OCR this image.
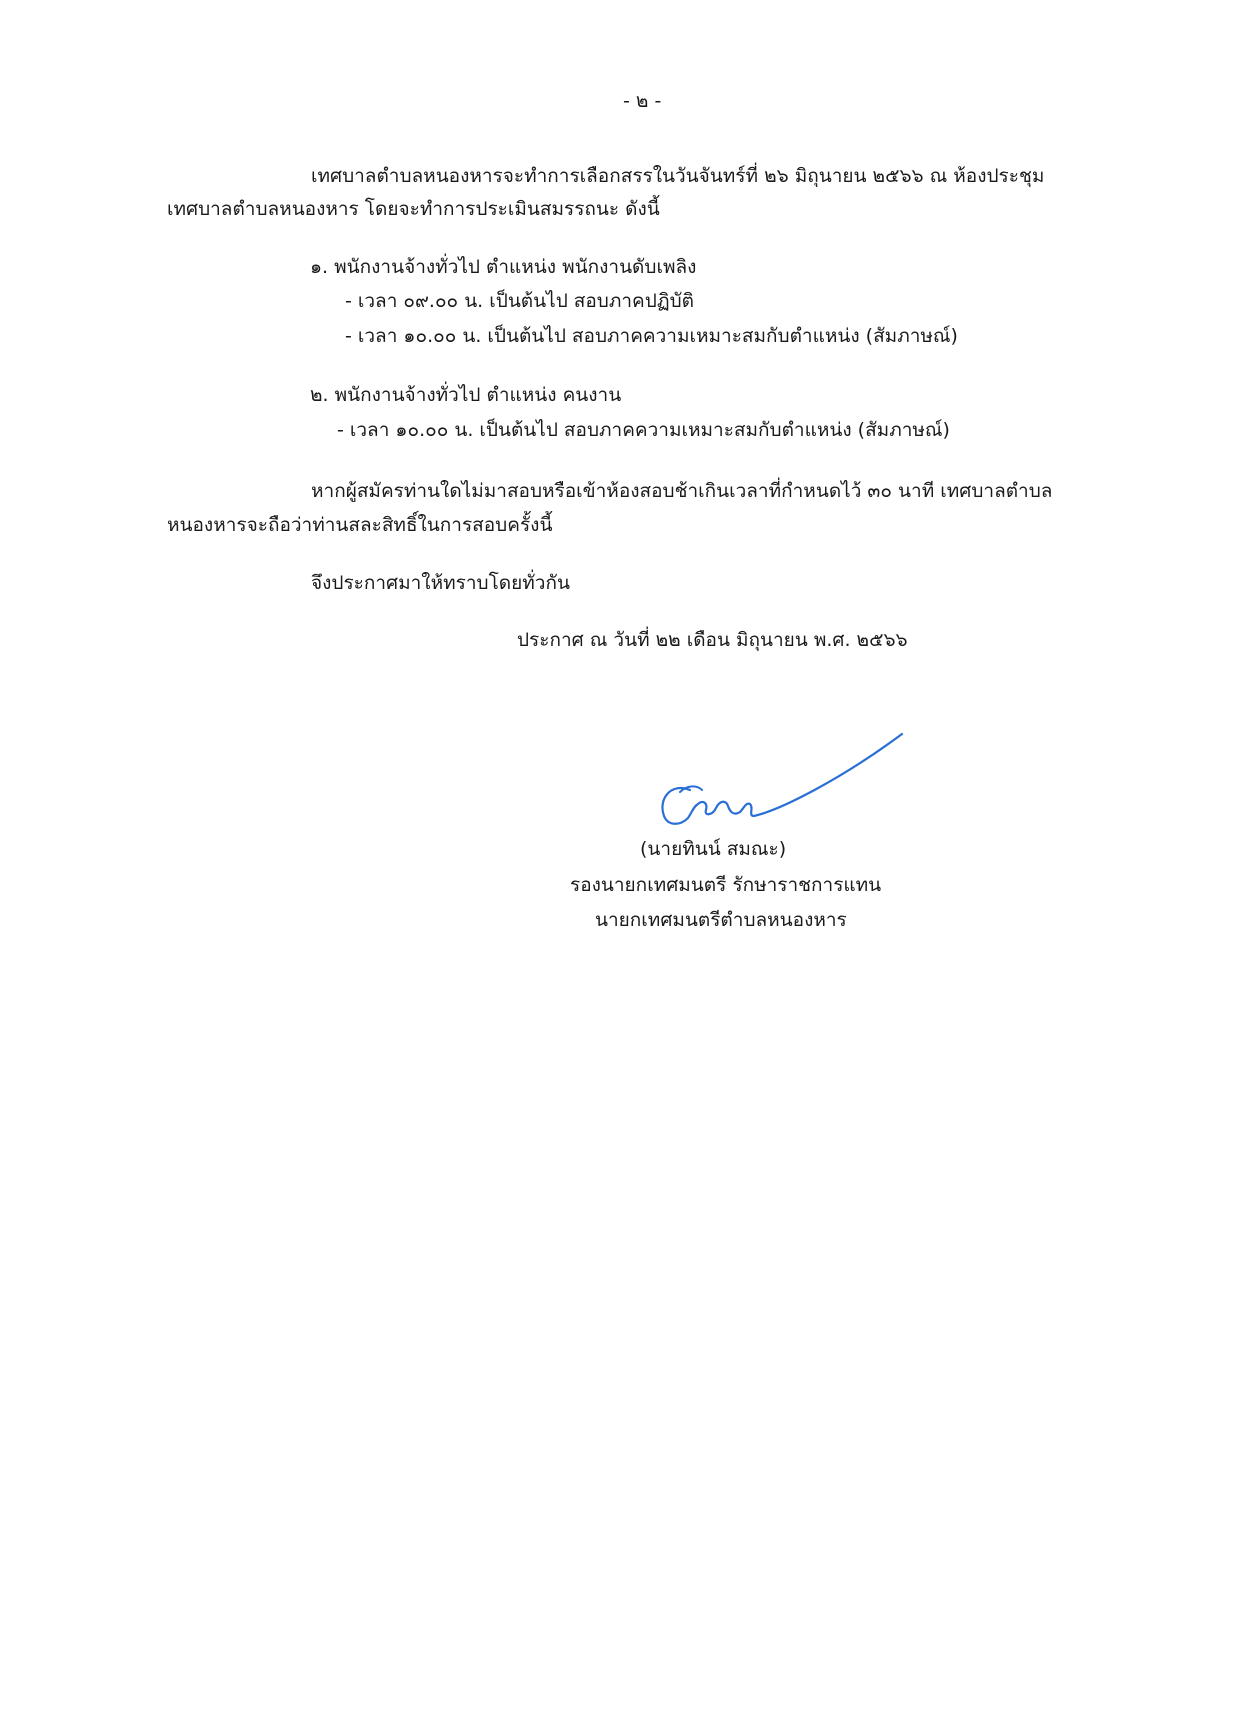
- ๒ -
เทศบาลตำบลหนองหารจะทำการเลือกสรรในวันจันทร์ที่ ๒๖ มิถุนายน ๒๕๖๖ ณ ห้องประชุม
เทศบาลตำบลหนองหาร โดยจะทำการประเมินสมรรถนะ ดังนี้
๑. พนักงานจ้างทั่วไป ตำแหน่ง พนักงานดับเพลิง
- เวลา ๐๙.๐๐ น. เป็นต้นไป สอบภาคปฏิบัติ
- เวลา ๑๐.๐๐ น. เป็นต้นไป สอบภาคความเหมาะสมกับตำแหน่ง (สัมภาษณ์)
๒. พนักงานจ้างทั่วไป ตำแหน่ง คนงาน
- เวลา ๑๐.๐๐ น. เป็นต้นไป สอบภาคความเหมาะสมกับตำแหน่ง (สัมภาษณ์)
หากผู้สมัครท่านใดไม่มาสอบหรือเข้าห้องสอบช้าเกินเวลาที่กำหนดไว้ ๓๐ นาที เทศบาลตำบล
หนองหารจะถือว่าท่านสละสิทธิ์ในการสอบครั้งนี้
จึงประกาศมาให้ทราบโดยทั่วกัน
ประกาศ ณ วันที่ ๒๒ เดือน มิถุนายน พ.ศ. ๒๕๖๖
(นายทินน์ สมณะ)
รองนายกเทศมนตรี รักษาราชการแทน
นายกเทศมนตรีตำบลหนองหาร
